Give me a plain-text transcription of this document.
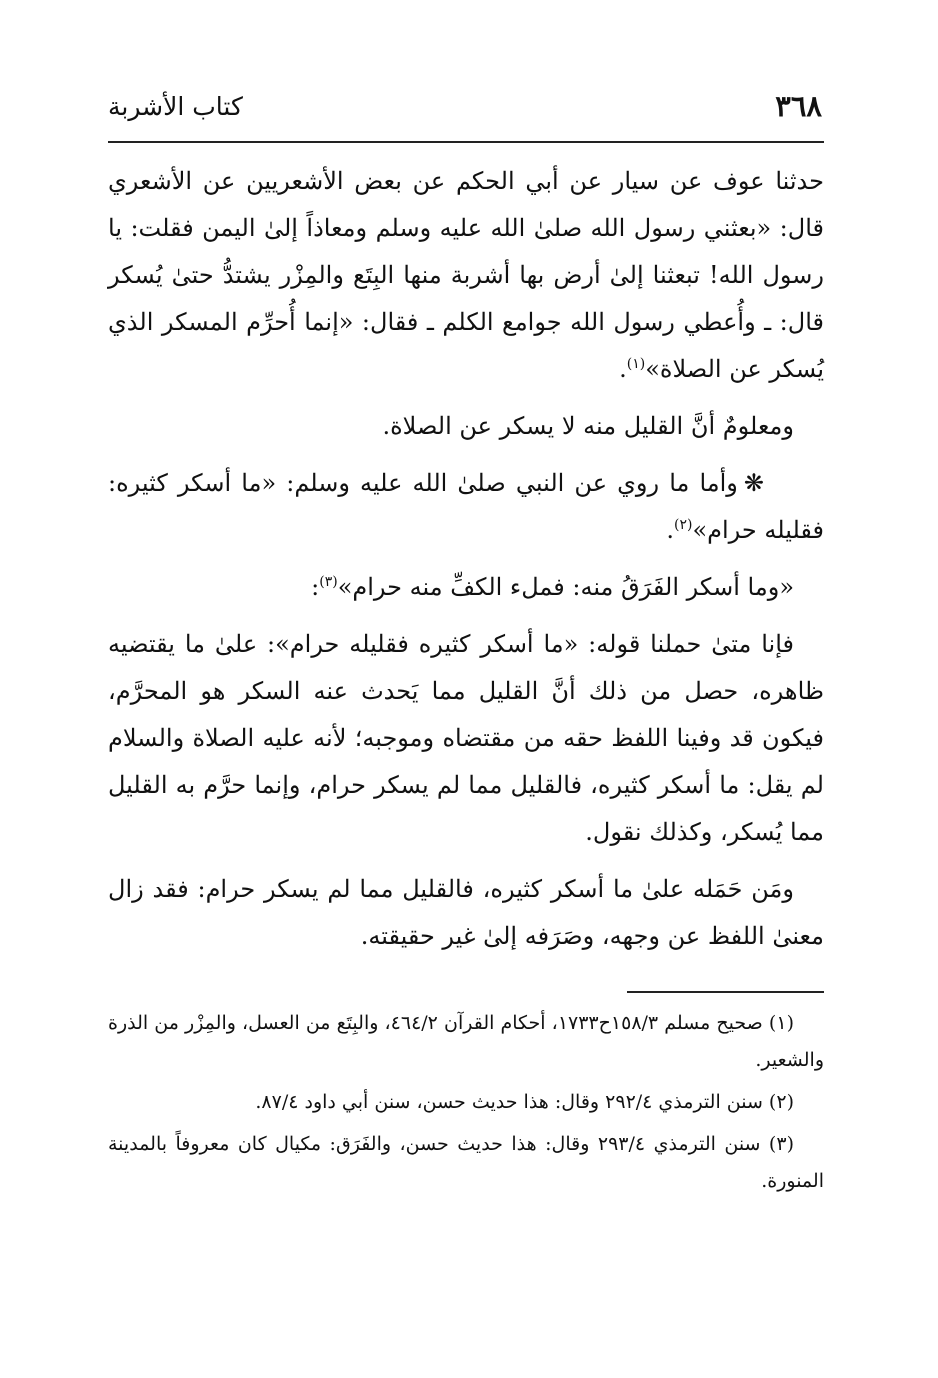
٣٦٨
كتاب الأشربة

حدثنا عوف عن سيار عن أبي الحكم عن بعض الأشعريين عن الأشعري قال: «بعثني رسول الله صلىٰ الله عليه وسلم ومعاذاً إلىٰ اليمن فقلت: يا رسول الله! تبعثنا إلىٰ أرض بها أشربة منها البِتَع والمِزْر يشتدُّ حتىٰ يُسكر قال: ـ وأُعطي رسول الله جوامع الكلم ـ فقال: «إنما أُحرِّم المسكر الذي يُسكر عن الصلاة»$^{(١)}$.

ومعلومٌ أنَّ القليل منه لا يسكر عن الصلاة.

❋وأما ما روي عن النبي صلىٰ الله عليه وسلم: «ما أسكر كثيره: فقليله حرام»$^{(٢)}$.

«وما أسكر الفَرَقُ منه: فملء الكفِّ منه حرام»$^{(٣)}$:

فإنا متىٰ حملنا قوله: «ما أسكر كثيره فقليله حرام»: علىٰ ما يقتضيه ظاهره، حصل من ذلك أنَّ القليل مما يَحدث عنه السكر هو المحرَّم، فيكون قد وفينا اللفظ حقه من مقتضاه وموجبه؛ لأنه عليه الصلاة والسلام لم يقل: ما أسكر كثيره، فالقليل مما لم يسكر حرام، وإنما حرَّم به القليل مما يُسكر، وكذلك نقول.

ومَن حَمَله علىٰ ما أسكر كثيره، فالقليل مما لم يسكر حرام: فقد زال معنىٰ اللفظ عن وجهه، وصَرَفه إلىٰ غير حقيقته.

(١) صحيح مسلم ١٥٨/٣ح١٧٣٣، أحكام القرآن ٤٦٤/٢، والبِتَع من العسل، والمِزْر من الذرة والشعير.

(٢) سنن الترمذي ٢٩٢/٤ وقال: هذا حديث حسن، سنن أبي داود ٨٧/٤.

(٣) سنن الترمذي ٢٩٣/٤ وقال: هذا حديث حسن، والفَرَق: مكيال كان معروفاً بالمدينة المنورة.
